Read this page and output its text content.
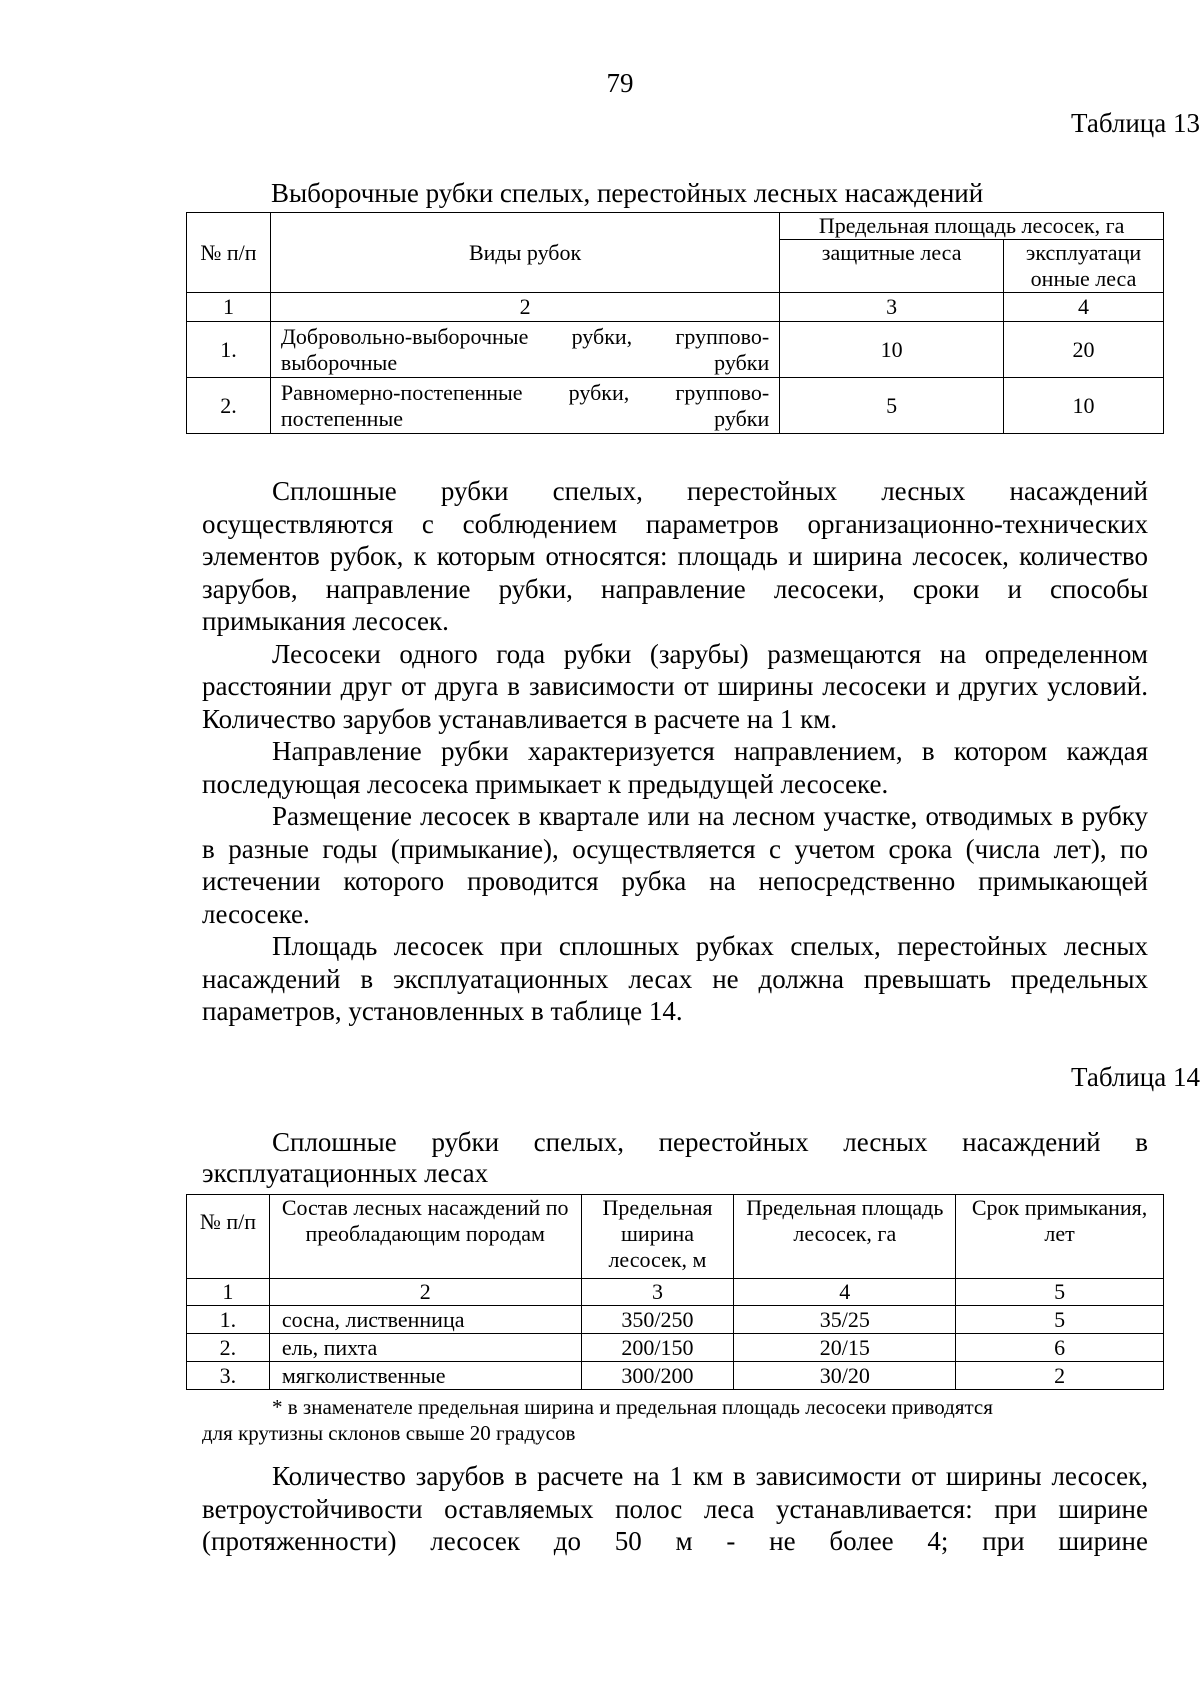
79
Таблица 13
Выборочные рубки спелых, перестойных лесных насаждений
№ п/п	Виды рубок	Предельная площадь лесосек, га	
		защитные леса	эксплуатаци онные леса
1	2	3	4
1.	Добровольно-выборочные рубки, группово-выборочные рубки	10	20
2.	Равномерно-постепенные рубки, группово-постепенные рубки	5	10

Сплошные рубки спелых, перестойных лесных насаждений осуществляются с соблюдением параметров организационно-технических элементов рубок, к которым относятся: площадь и ширина лесосек, количество зарубов, направление рубки, направление лесосеки, сроки и способы примыкания лесосек.

Лесосеки одного года рубки (зарубы) размещаются на определенном расстоянии друг от друга в зависимости от ширины лесосеки и других условий. Количество зарубов устанавливается в расчете на 1 км.

Направление рубки характеризуется направлением, в котором каждая последующая лесосека примыкает к предыдущей лесосеке.

Размещение лесосек в квартале или на лесном участке, отводимых в рубку в разные годы (примыкание), осуществляется с учетом срока (числа лет), по истечении которого проводится рубка на непосредственно примыкающей лесосеке.

Площадь лесосек при сплошных рубках спелых, перестойных лесных насаждений в эксплуатационных лесах не должна превышать предельных параметров, установленных в таблице 14.

Таблица 14
Сплошные рубки спелых, перестойных лесных насаждений в
эксплуатационных лесах
№ п/п	Состав лесных насаждений по преобладающим породам	Предельная ширина лесосек, м	Предельная площадь лесосек, га	Срок примыкания, лет
1	2	3	4	5
1.	сосна, лиственница	350/250	35/25	5
2.	ель, пихта	200/150	20/15	6
3.	мягколиственные	300/200	30/20	2
* в знаменателе предельная ширина и предельная площадь лесосеки приводятся
для крутизны склонов свыше 20 градусов

Количество зарубов в расчете на 1 км в зависимости от ширины лесосек, ветроустойчивости оставляемых полос леса устанавливается: при ширине (протяженности) лесосек до 50 м - не более 4; при ширине
